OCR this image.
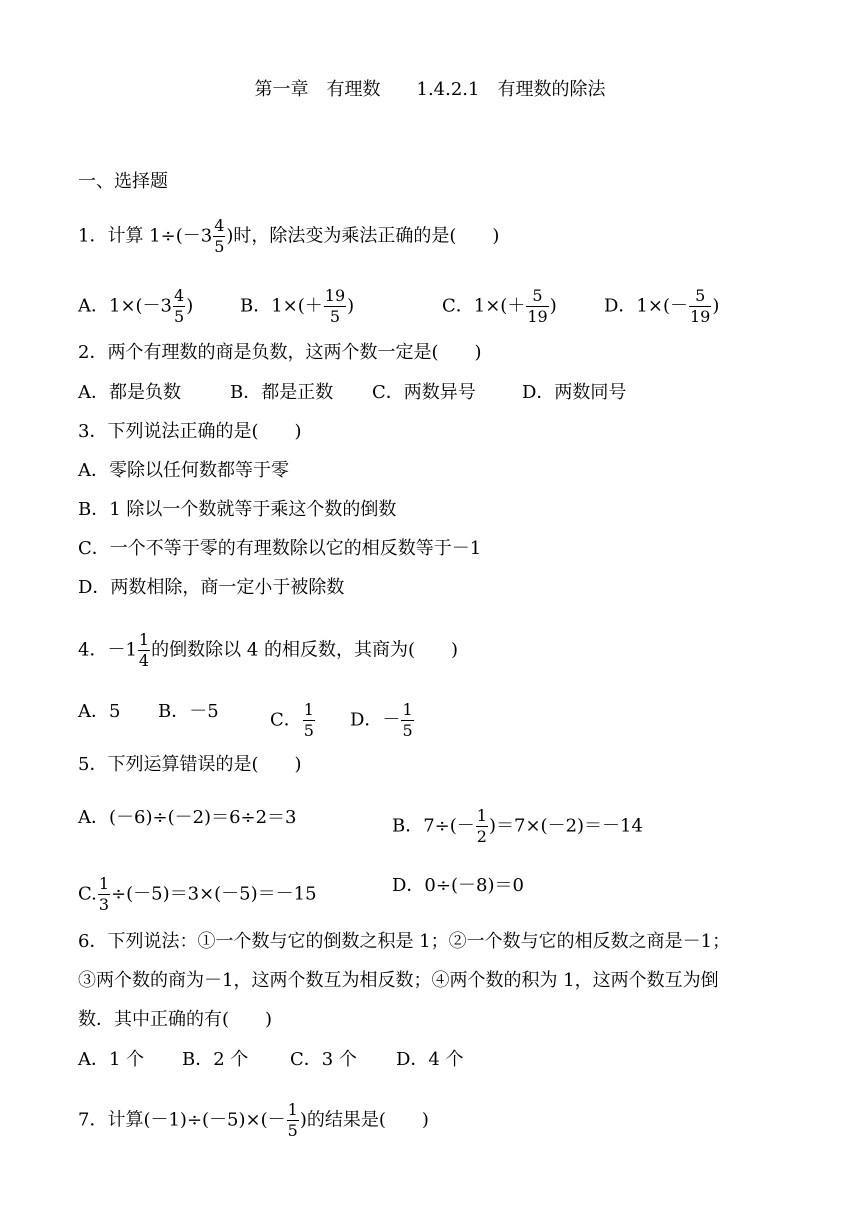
第一章　有理数　　1.4.2.1　有理数的除法
一、选择题
1．计算 $1\div(-3 \frac{4}{5}$ )时，除法变为乘法正确的是(　　)
A．$1\times(-3 \frac{4}{5}$ )	B．$1\times(+ \frac{19}{5}$ )	C．$1\times(+ \frac{5}{19}$ )	D．$1\times(- \frac{5}{19}$ )
2．两个有理数的商是负数，这两个数一定是(　　)
A．都是负数	B．都是正数 C．两数异号	D．两数同号
3．下列说法正确的是(　　)
A．零除以任何数都等于零
B．1 除以一个数就等于乘这个数的倒数
C．一个不等于零的有理数除以它的相反数等于－1
D．两数相除，商一定小于被除数
4．$-1 \frac{1}{4}$ 的倒数除以 4 的相反数，其商为(　　)
A．5 B．－5	C． $\frac{1}{5}$ D．－ $\frac{1}{5}$
5．下列运算错误的是(　　)
A．(－6)÷(－2)＝6÷2＝3	B．$7\div(- \frac{1}{2} )=7\times(-2)=-14$
C. $\frac{1}{3} \div(-5)=3\times(-5)=-15$	D．0÷(－8)＝0
6．下列说法：①一个数与它的倒数之积是 1；②一个数与它的相反数之商是－1；
③两个数的商为－1，这两个数互为相反数；④两个数的积为 1，这两个数互为倒
数．其中正确的有(　　)
A．1 个 B．2 个 C．3 个 D．4 个
7．计算$(-1)\div(-5)\times(- \frac{1}{5}$ )的结果是(　　)
